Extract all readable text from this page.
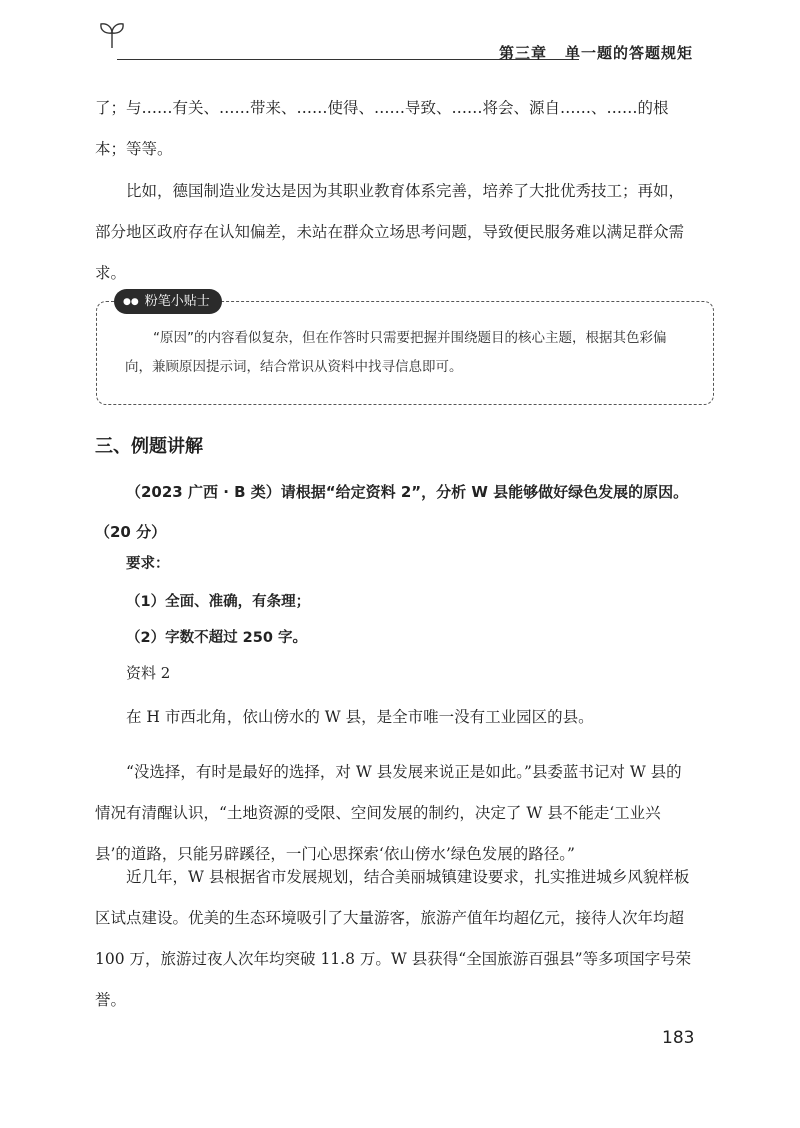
第三章 单一题的答题规矩

了；与……有关、……带来、……使得、……导致、……将会、源自……、……的根本；等等。

比如，德国制造业发达是因为其职业教育体系完善，培养了大批优秀技工；再如，部分地区政府存在认知偏差，未站在群众立场思考问题，导致便民服务难以满足群众需求。

●● 粉笔小贴士

“原因”的内容看似复杂，但在作答时只需要把握并围绕题目的核心主题，根据其色彩偏向，兼顾原因提示词，结合常识从资料中找寻信息即可。

三、例题讲解

（2023 广西 · B 类）请根据“给定资料 2”，分析 W 县能够做好绿色发展的原因。（20 分）

要求：

（1）全面、准确，有条理；

（2）字数不超过 250 字。

资料 2

在 H 市西北角，依山傍水的 W 县，是全市唯一没有工业园区的县。

“没选择，有时是最好的选择，对 W 县发展来说正是如此。”县委蓝书记对 W 县的情况有清醒认识，“土地资源的受限、空间发展的制约，决定了 W 县不能走‘工业兴县’的道路，只能另辟蹊径，一门心思探索‘依山傍水’绿色发展的路径。”

近几年，W 县根据省市发展规划，结合美丽城镇建设要求，扎实推进城乡风貌样板区试点建设。优美的生态环境吸引了大量游客，旅游产值年均超亿元，接待人次年均超 100 万，旅游过夜人次年均突破 11.8 万。W 县获得“全国旅游百强县”等多项国字号荣誉。

183
